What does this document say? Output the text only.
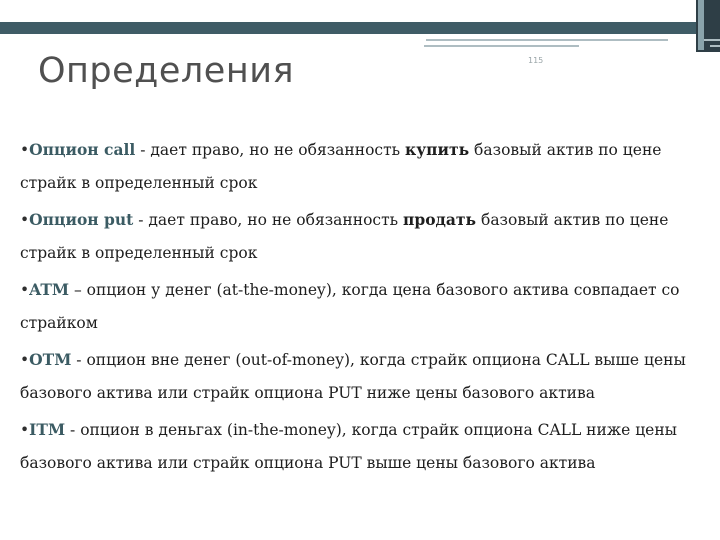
Определения	115

•Опцион call - дает право, но не обязанность купить базовый актив по цене страйк в определенный срок

•Опцион put - дает право, но не обязанность продать базовый актив по цене страйк в определенный срок

•ATM – опцион у денег (at-the-money), когда цена базового актива совпадает со страйком

•OTM - опцион вне денег (out-of-money), когда страйк опциона CALL выше цены базового актива или страйк опциона PUT ниже цены базового актива

•ITM - опцион в деньгах (in-the-money), когда страйк опциона CALL ниже цены базового актива или страйк опциона PUT выше цены базового актива
